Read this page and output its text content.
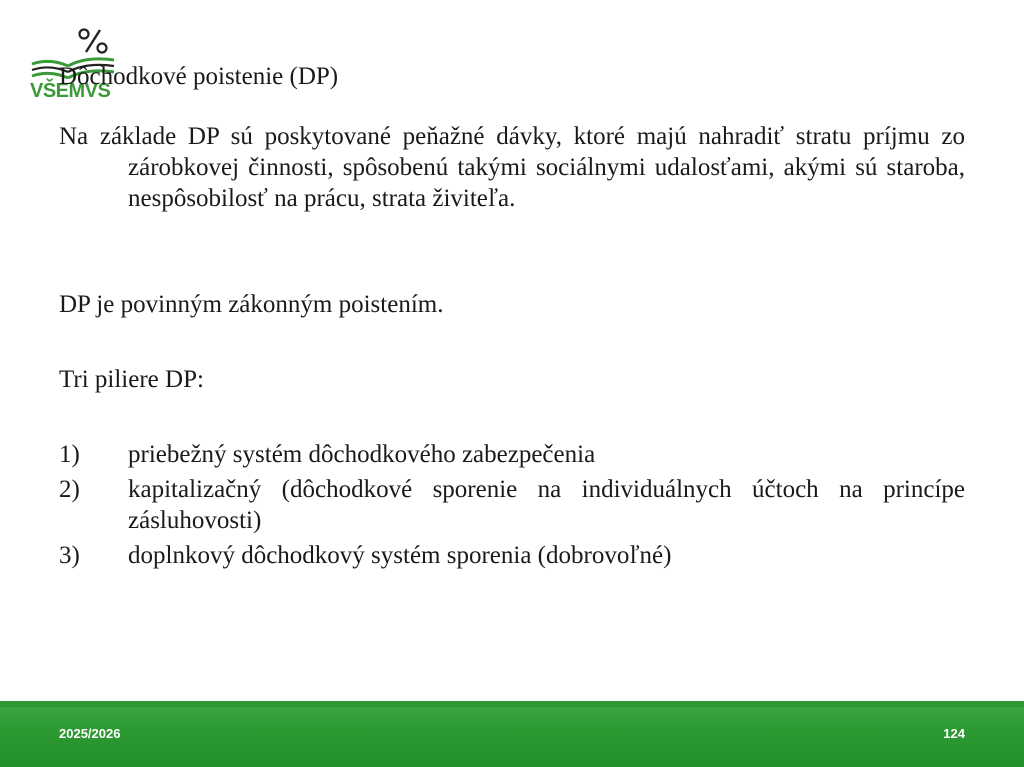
VŠEMVS
Dôchodkové poistenie (DP)
Na základe DP sú poskytované peňažné dávky, ktoré majú nahradiť stratu príjmu zo zárobkovej činnosti, spôsobenú takými sociálnymi udalosťami, akými sú staroba, nespôsobilosť na prácu, strata živiteľa.
DP je povinným zákonným poistením.
Tri piliere DP:
1) priebežný systém dôchodkového zabezpečenia
2) kapitalizačný (dôchodkové sporenie na individuálnych účtoch na princípe zásluhovosti)
3) doplnkový dôchodkový systém sporenia (dobrovoľné)
2025/2026	124
